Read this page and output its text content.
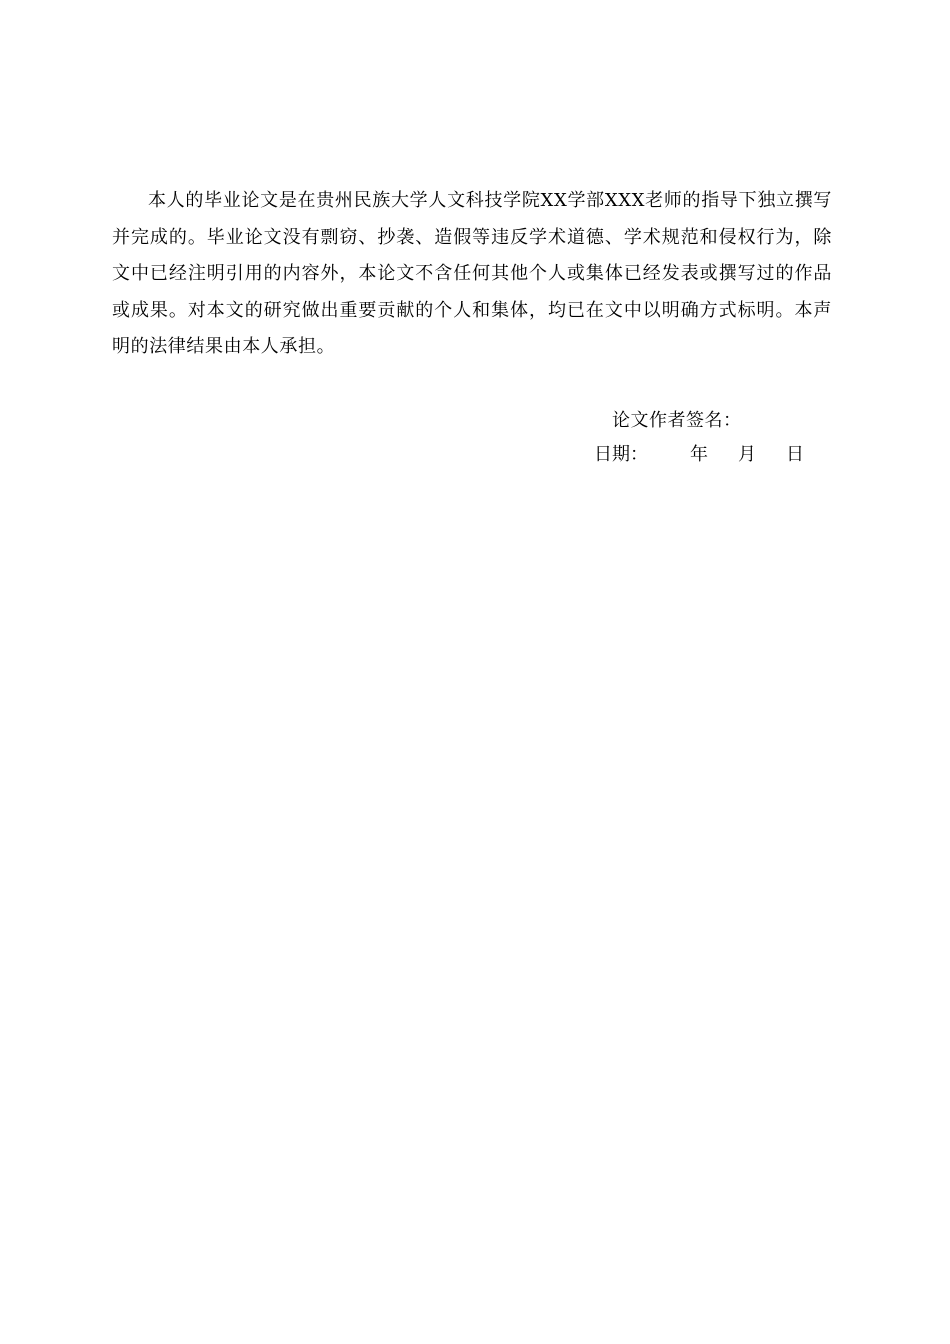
本人的毕业论文是在贵州民族大学人文科技学院XX学部XXX老师的指导下独立撰写并完成的。毕业论文没有剽窃、抄袭、造假等违反学术道德、学术规范和侵权行为，除文中已经注明引用的内容外，本论文不含任何其他个人或集体已经发表或撰写过的作品或成果。对本文的研究做出重要贡献的个人和集体，均已在文中以明确方式标明。本声明的法律结果由本人承担。

论文作者签名：
日期： 年 月 日
